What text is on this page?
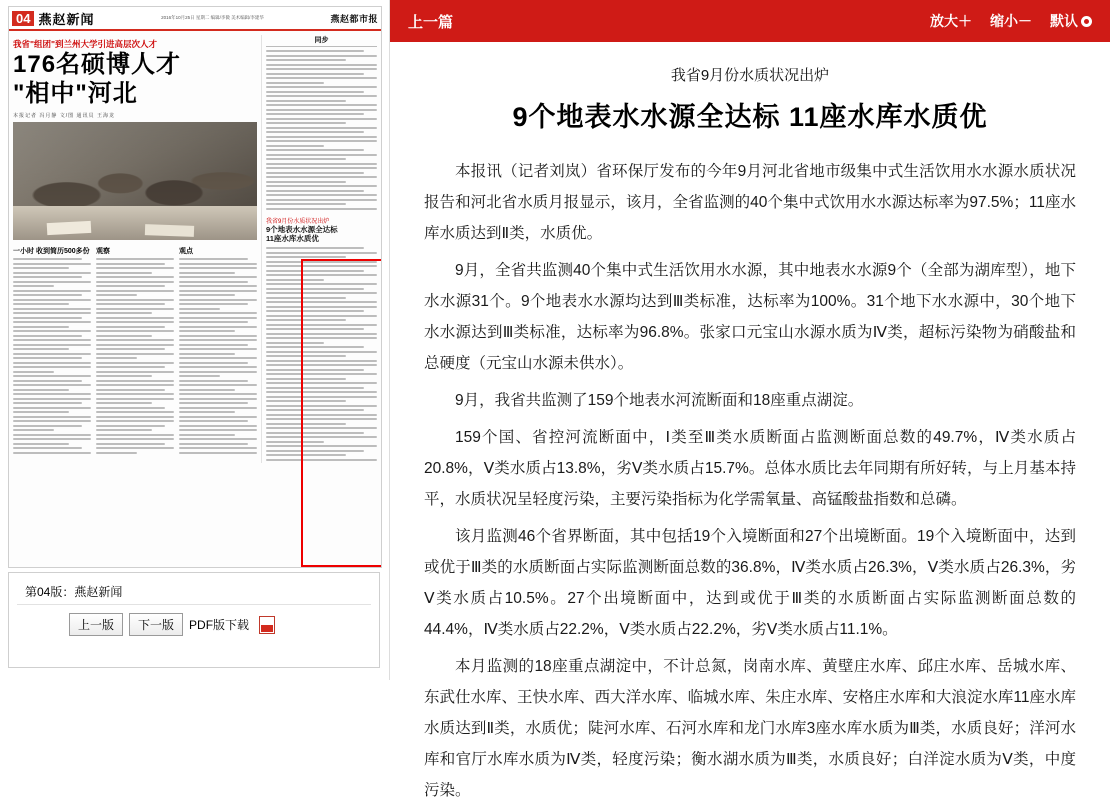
04 燕赵新闻	2016年10月25日 星期二 编辑/李微 美术编辑/李建华	燕赵都市报
我省"组团"到兰州大学引进高层次人才
176名硕博人才
"相中"河北
本报记者 冯月静 文/图 通讯员 王海龙
一小时 收到简历500多份 观察	观点
同步
我省9月份水质状况出炉
9个地表水水源全达标
11座水库水质优
第04版：燕赵新闻
上一版	下一版	PDF版下载
上一篇	放大＋ 缩小－ 默认
我省9月份水质状况出炉
9个地表水水源全达标 11座水库水质优

本报讯（记者刘岚）省环保厅发布的今年9月河北省地市级集中式生活饮用水水源水质状况报告和河北省水质月报显示，该月，全省监测的40个集中式饮用水水源达标率为97.5%；11座水库水质达到Ⅱ类，水质优。

9月，全省共监测40个集中式生活饮用水水源，其中地表水水源9个（全部为湖库型），地下水水源31个。9个地表水水源均达到Ⅲ类标准，达标率为100%。31个地下水水源中，30个地下水水源达到Ⅲ类标准，达标率为96.8%。张家口元宝山水源水质为Ⅳ类，超标污染物为硝酸盐和总硬度（元宝山水源未供水）。

9月，我省共监测了159个地表水河流断面和18座重点湖淀。

159个国、省控河流断面中，Ⅰ类至Ⅲ类水质断面占监测断面总数的49.7%，Ⅳ类水质占20.8%，Ⅴ类水质占13.8%，劣Ⅴ类水质占15.7%。总体水质比去年同期有所好转，与上月基本持平，水质状况呈轻度污染，主要污染指标为化学需氧量、高锰酸盐指数和总磷。

该月监测46个省界断面，其中包括19个入境断面和27个出境断面。19个入境断面中，达到或优于Ⅲ类的水质断面占实际监测断面总数的36.8%，Ⅳ类水质占26.3%，Ⅴ类水质占26.3%，劣Ⅴ类水质占10.5%。27个出境断面中，达到或优于Ⅲ类的水质断面占实际监测断面总数的44.4%，Ⅳ类水质占22.2%，Ⅴ类水质占22.2%，劣Ⅴ类水质占11.1%。

本月监测的18座重点湖淀中，不计总氮，岗南水库、黄壁庄水库、邱庄水库、岳城水库、东武仕水库、王快水库、西大洋水库、临城水库、朱庄水库、安格庄水库和大浪淀水库11座水库水质达到Ⅱ类，水质优；陡河水库、石河水库和龙门水库3座水库水质为Ⅲ类，水质良好；洋河水库和官厅水库水质为Ⅳ类，轻度污染；衡水湖水质为Ⅲ类，水质良好；白洋淀水质为Ⅴ类，中度污染。
